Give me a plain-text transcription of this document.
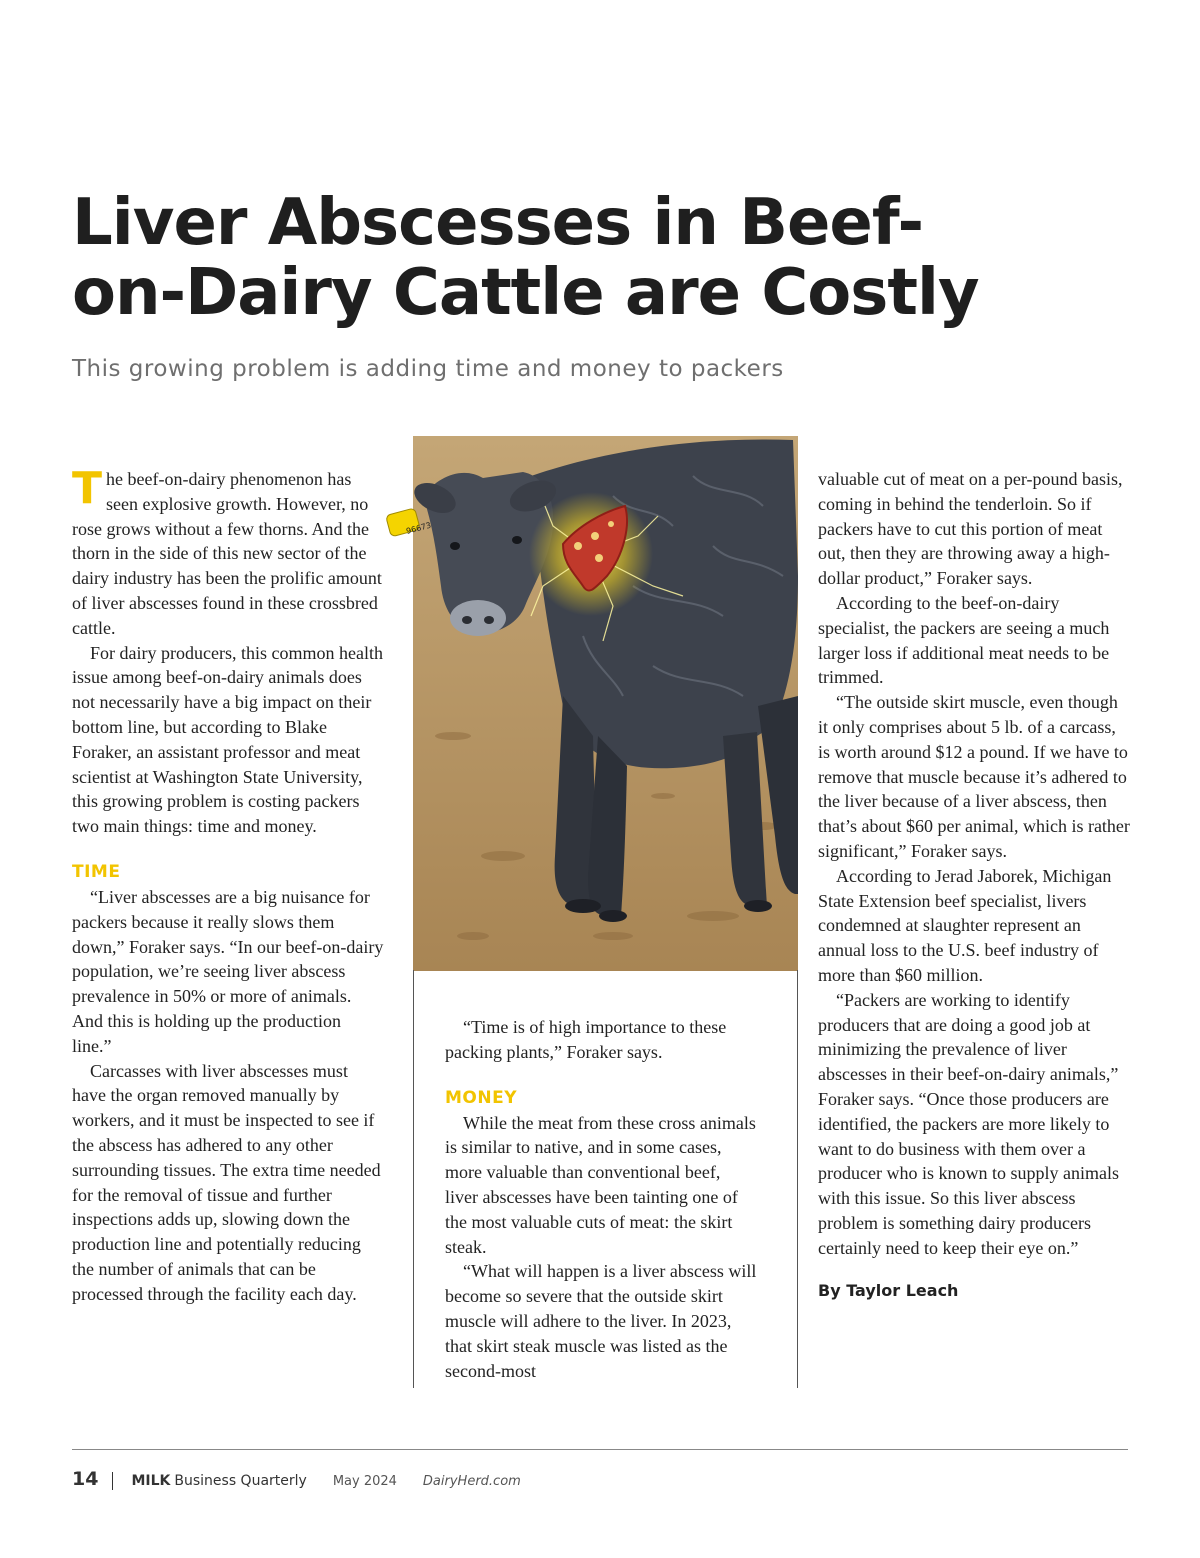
Liver Abscesses in Beef-
on-Dairy Cattle are Costly

This growing problem is adding time and money to packers

96673

The beef-on-dairy phenomenon has seen explosive growth. However, no rose grows without a few thorns. And the thorn in the side of this new sector of the dairy industry has been the prolific amount of liver abscesses found in these crossbred cattle.

For dairy producers, this common health issue among beef-on-dairy animals does not necessarily have a big impact on their bottom line, but according to Blake Foraker, an assistant professor and meat scientist at Washington State University, this growing problem is costing packers two main things: time and money.

TIME

“Liver abscesses are a big nuisance for packers because it really slows them down,” Foraker says. “In our beef-on-dairy population, we’re seeing liver abscess prevalence in 50% or more of animals. And this is holding up the production line.”

Carcasses with liver abscesses must have the organ removed manually by workers, and it must be inspected to see if the abscess has adhered to any other surrounding tissues. The extra time needed for the removal of tissue and further inspections adds up, slowing down the production line and potentially reducing the number of animals that can be processed through the facility each day.

“Time is of high importance to these packing plants,” Foraker says.

MONEY

While the meat from these cross animals is similar to native, and in some cases, more valuable than conventional beef, liver abscesses have been tainting one of the most valuable cuts of meat: the skirt steak.

“What will happen is a liver abscess will become so severe that the outside skirt muscle will adhere to the liver. In 2023, that skirt steak muscle was listed as the second-most

valuable cut of meat on a per-pound basis, coming in behind the tenderloin. So if packers have to cut this portion of meat out, then they are throwing away a high-dollar product,” Foraker says.

According to the beef-on-dairy specialist, the packers are seeing a much larger loss if additional meat needs to be trimmed.

“The outside skirt muscle, even though it only comprises about 5 lb. of a carcass, is worth around $12 a pound. If we have to remove that muscle because it’s adhered to the liver because of a liver abscess, then that’s about $60 per animal, which is rather significant,” Foraker says.

According to Jerad Jaborek, Michigan State Extension beef specialist, livers condemned at slaughter represent an annual loss to the U.S. beef industry of more than $60 million.

“Packers are working to identify producers that are doing a good job at minimizing the prevalence of liver abscesses in their beef-on-dairy animals,” Foraker says. “Once those producers are identified, the packers are more likely to want to do business with them over a producer who is known to supply animals with this issue. So this liver abscess problem is something dairy producers certainly need to keep their eye on.”

By Taylor Leach
14 MILK Business Quarterly May 2024 DairyHerd.com
